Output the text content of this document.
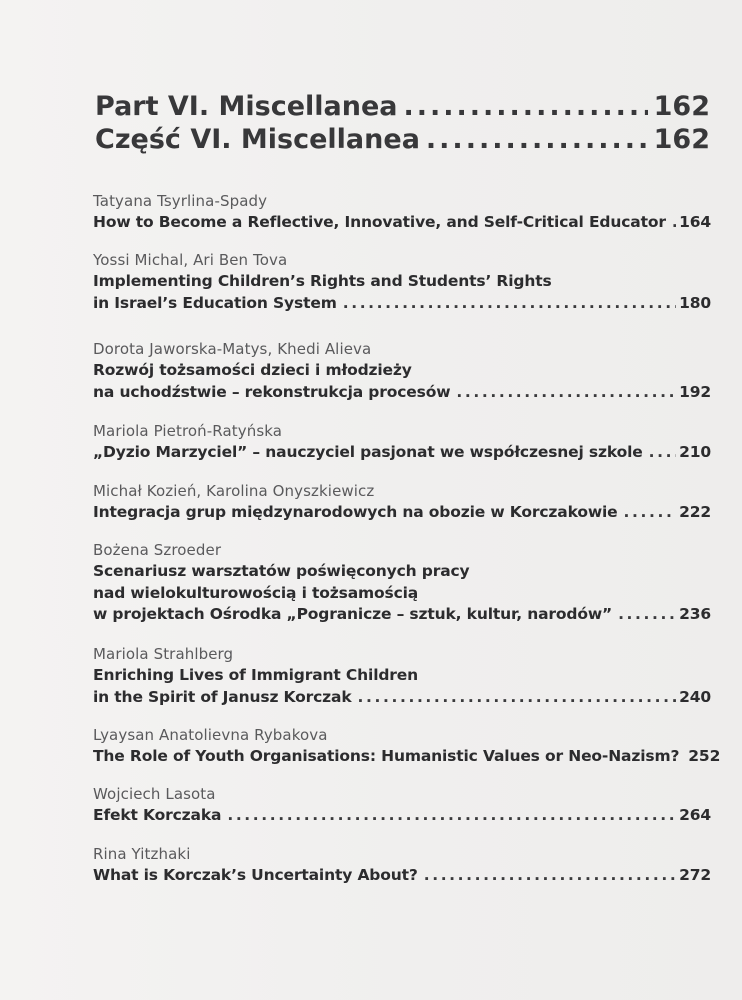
Part VI. Miscellanea .....	162
Część VI. Miscellanea .....	162
Tatyana Tsyrlina-Spady
How to Become a Reflective, Innovative, and Self-Critical Educator ..... 164
Yossi Michal, Ari Ben Tova
Implementing Children’s Rights and Students’ Rights
in Israel’s Education System .....	180
Dorota Jaworska-Matys, Khedi Alieva
Rozwój tożsamości dzieci i młodzieży
na uchodźstwie – rekonstrukcja procesów .....	192
Mariola Pietroń-Ratyńska
„Dyzio Marzyciel” – nauczyciel pasjonat we współczesnej szkole ..... 210
Michał Kozień, Karolina Onyszkiewicz
Integracja grup międzynarodowych na obozie w Korczakowie .....	222
Bożena Szroeder
Scenariusz warsztatów poświęconych pracy
nad wielokulturowością i tożsamością
w projektach Ośrodka „Pogranicze – sztuk, kultur, narodów” .....	236
Mariola Strahlberg
Enriching Lives of Immigrant Children
in the Spirit of Janusz Korczak .....	240
Lyaysan Anatolievna Rybakova
The Role of Youth Organisations: Humanistic Values or Neo-Nazism? 252
Wojciech Lasota
Efekt Korczaka .....	264
Rina Yitzhaki
What is Korczak’s Uncertainty About? .....	272
